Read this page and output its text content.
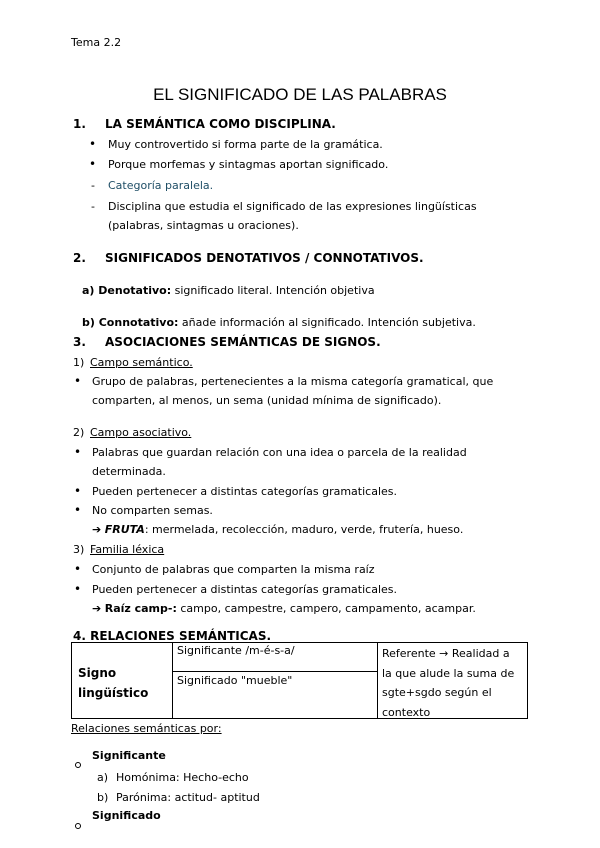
Tema 2.2
EL SIGNIFICADO DE LAS PALABRAS
1. LA SEMÁNTICA COMO DISCIPLINA.
• Muy controvertido si forma parte de la gramática.
• Porque morfemas y sintagmas aportan significado.
- Categoría paralela.
- Disciplina que estudia el significado de las expresiones lingüísticas
(palabras, sintagmas u oraciones).
2. SIGNIFICADOS DENOTATIVOS / CONNOTATIVOS.
a) Denotativo: significado literal. Intención objetiva
b) Connotativo: añade información al significado. Intención subjetiva.
3. ASOCIACIONES SEMÁNTICAS DE SIGNOS.
1) Campo semántico.
• Grupo de palabras, pertenecientes a la misma categoría gramatical, que
comparten, al menos, un sema (unidad mínima de significado).
2) Campo asociativo.
• Palabras que guardan relación con una idea o parcela de la realidad
determinada.
• Pueden pertenecer a distintas categorías gramaticales.
• No comparten semas.
➔ FRUTA: mermelada, recolección, maduro, verde, frutería, hueso.
3) Familia léxica
• Conjunto de palabras que comparten la misma raíz
• Pueden pertenecer a distintas categorías gramaticales.
➔ Raíz camp-: campo, campestre, campero, campamento, acampar.
4. RELACIONES SEMÁNTICAS.
Signo
lingüístico
Significante /m-é-s-a/
Significado "mueble"
Referente → Realidad a
la que alude la suma de
sgte+sgdo según el
contexto
Relaciones semánticas por:
Significante
a) Homónima: Hecho-echo
b) Parónima: actitud- aptitud
Significado
